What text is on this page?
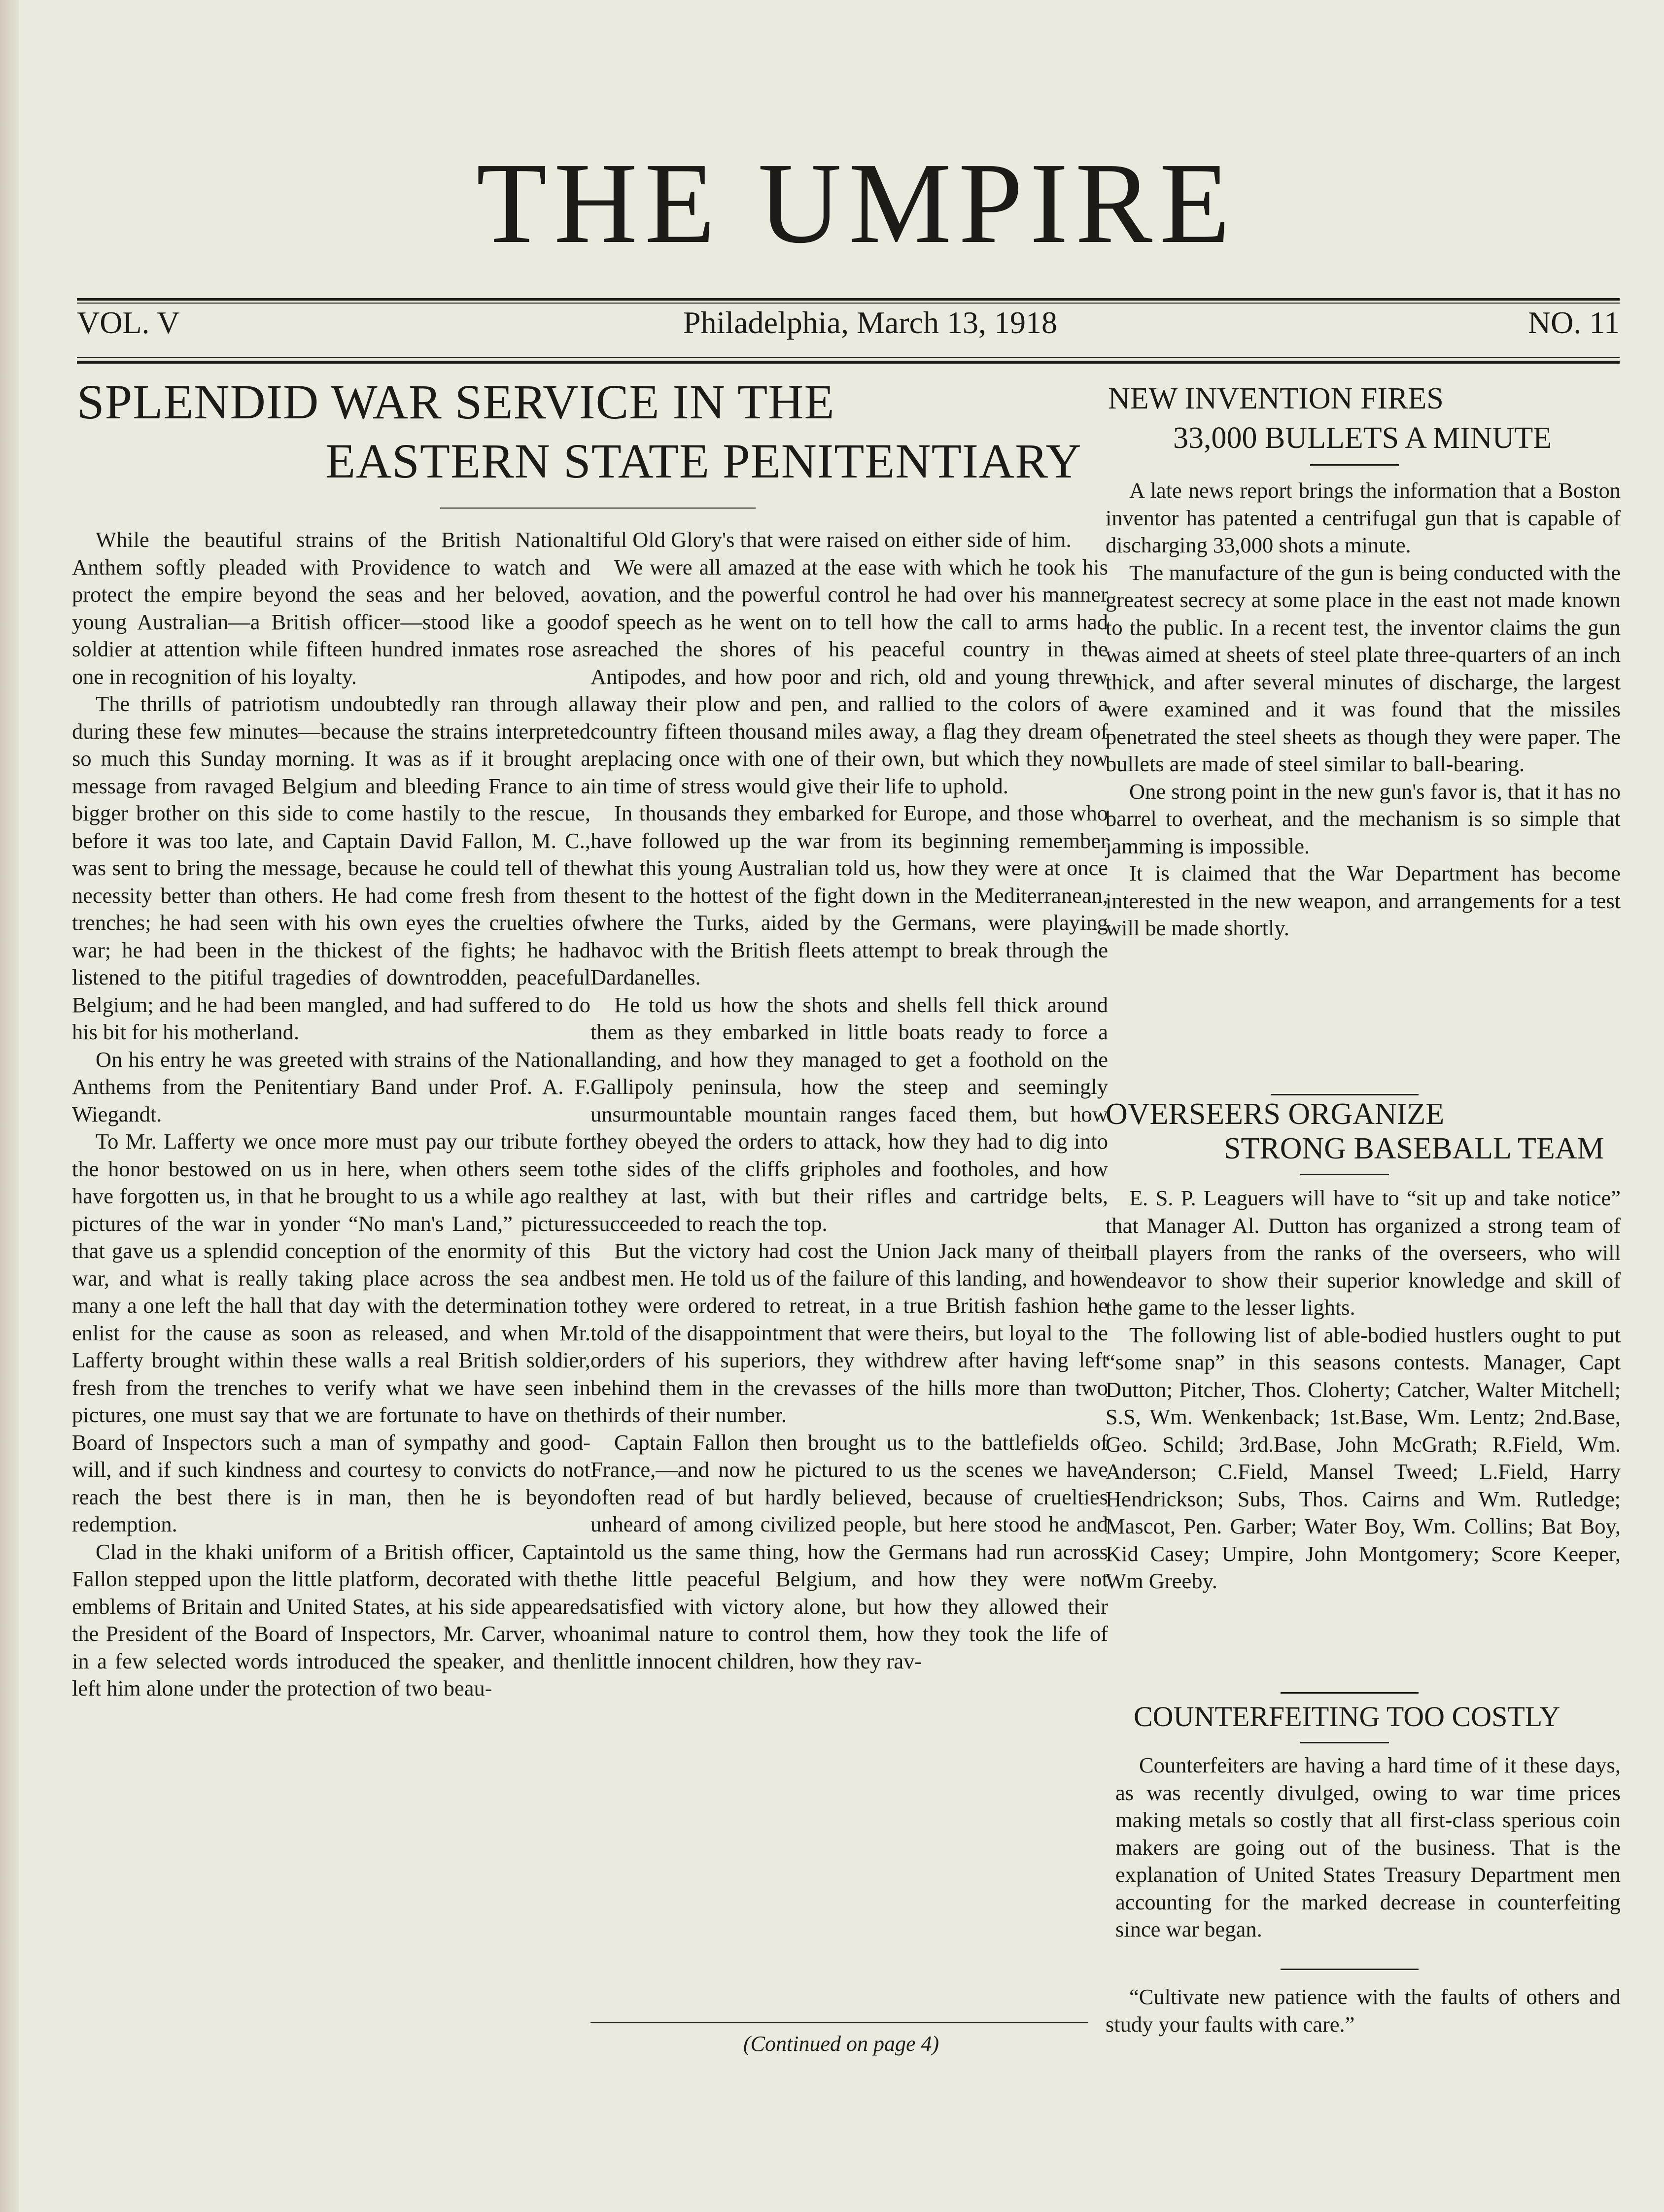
THE UMPIRE
VOL. V	Philadelphia, March 13, 1918	NO. 11
SPLENDID WAR SERVICE IN THE
EASTERN STATE PENITENTIARY

While the beautiful strains of the British National Anthem softly pleaded with Providence to watch and protect the empire beyond the seas and her beloved, a young Australian—a British officer—stood like a good soldier at attention while fifteen hundred inmates rose as one in recognition of his loyalty.

The thrills of patriotism undoubtedly ran through all during these few minutes—because the strains interpreted so much this Sunday morning. It was as if it brought a message from ravaged Belgium and bleeding France to a bigger brother on this side to come hastily to the rescue, before it was too late, and Captain David Fallon, M. C., was sent to bring the message, because he could tell of the necessity better than others. He had come fresh from the trenches; he had seen with his own eyes the cruelties of war; he had been in the thickest of the fights; he had listened to the pitiful tragedies of downtrodden, peaceful Belgium; and he had been mangled, and had suffered to do his bit for his motherland.

On his entry he was greeted with strains of the National Anthems from the Penitentiary Band under Prof. A. F. Wiegandt.

To Mr. Lafferty we once more must pay our tribute for the honor bestowed on us in here, when others seem to have forgotten us, in that he brought to us a while ago real pictures of the war in yonder “No man's Land,” pictures that gave us a splendid conception of the enormity of this war, and what is really taking place across the sea and many a one left the hall that day with the determination to enlist for the cause as soon as released, and when Mr. Lafferty brought within these walls a real British soldier, fresh from the trenches to verify what we have seen in pictures, one must say that we are fortunate to have on the Board of Inspectors such a man of sympathy and good-will, and if such kindness and courtesy to convicts do not reach the best there is in man, then he is beyond redemption.

Clad in the khaki uniform of a British officer, Captain Fallon stepped upon the little platform, decorated with the emblems of Britain and United States, at his side appeared the President of the Board of Inspectors, Mr. Carver, who in a few selected words introduced the speaker, and then left him alone under the protection of two beau-

tiful Old Glory's that were raised on either side of him.

We were all amazed at the ease with which he took his ovation, and the powerful control he had over his manner of speech as he went on to tell how the call to arms had reached the shores of his peaceful country in the Antipodes, and how poor and rich, old and young threw away their plow and pen, and rallied to the colors of a country fifteen thousand miles away, a flag they dream of replacing once with one of their own, but which they now in time of stress would give their life to uphold.

In thousands they embarked for Europe, and those who have followed up the war from its beginning remember what this young Australian told us, how they were at once sent to the hottest of the fight down in the Mediterranean, where the Turks, aided by the Germans, were playing havoc with the British fleets attempt to break through the Dardanelles.

He told us how the shots and shells fell thick around them as they embarked in little boats ready to force a landing, and how they managed to get a foothold on the Gallipoly peninsula, how the steep and seemingly unsurmountable mountain ranges faced them, but how they obeyed the orders to attack, how they had to dig into the sides of the cliffs gripholes and footholes, and how they at last, with but their rifles and cartridge belts, succeeded to reach the top.

But the victory had cost the Union Jack many of their best men. He told us of the failure of this landing, and how they were ordered to retreat, in a true British fashion he told of the disappointment that were theirs, but loyal to the orders of his superiors, they withdrew after having left behind them in the crevasses of the hills more than two thirds of their number.

Captain Fallon then brought us to the battlefields of France,—and now he pictured to us the scenes we have often read of but hardly believed, because of cruelties unheard of among civilized people, but here stood he and told us the same thing, how the Germans had run across the little peaceful Belgium, and how they were not satisfied with victory alone, but how they allowed their animal nature to control them, how they took the life of little innocent children, how they rav-

(Continued on page 4)
NEW INVENTION FIRES
33,000 BULLETS A MINUTE

A late news report brings the information that a Boston inventor has patented a centrifugal gun that is capable of discharging 33,000 shots a minute.

The manufacture of the gun is being conducted with the greatest secrecy at some place in the east not made known to the public. In a recent test, the inventor claims the gun was aimed at sheets of steel plate three-quarters of an inch thick, and after several minutes of discharge, the largest were examined and it was found that the missiles penetrated the steel sheets as though they were paper. The bullets are made of steel similar to ball-bearing.

One strong point in the new gun's favor is, that it has no barrel to overheat, and the mechanism is so simple that jamming is impossible.

It is claimed that the War Department has become interested in the new weapon, and arrangements for a test will be made shortly.

OVERSEERS ORGANIZE
STRONG BASEBALL TEAM

E. S. P. Leaguers will have to “sit up and take notice” that Manager Al. Dutton has organized a strong team of ball players from the ranks of the overseers, who will endeavor to show their superior knowledge and skill of the game to the lesser lights.

The following list of able-bodied hustlers ought to put “some snap” in this seasons contests. Manager, Capt Dutton; Pitcher, Thos. Cloherty; Catcher, Walter Mitchell; S.S, Wm. Wenkenback; 1st.Base, Wm. Lentz; 2nd.Base, Geo. Schild; 3rd.Base, John McGrath; R.Field, Wm. Anderson; C.Field, Mansel Tweed; L.Field, Harry Hendrickson; Subs, Thos. Cairns and Wm. Rutledge; Mascot, Pen. Garber; Water Boy, Wm. Collins; Bat Boy, Kid Casey; Umpire, John Montgomery; Score Keeper, Wm Greeby.

COUNTERFEITING TOO COSTLY

Counterfeiters are having a hard time of it these days, as was recently divulged, owing to war time prices making metals so costly that all first-class sperious coin makers are going out of the business. That is the explanation of United States Treasury Department men accounting for the marked decrease in counterfeiting since war began.

“Cultivate new patience with the faults of others and study your faults with care.”
